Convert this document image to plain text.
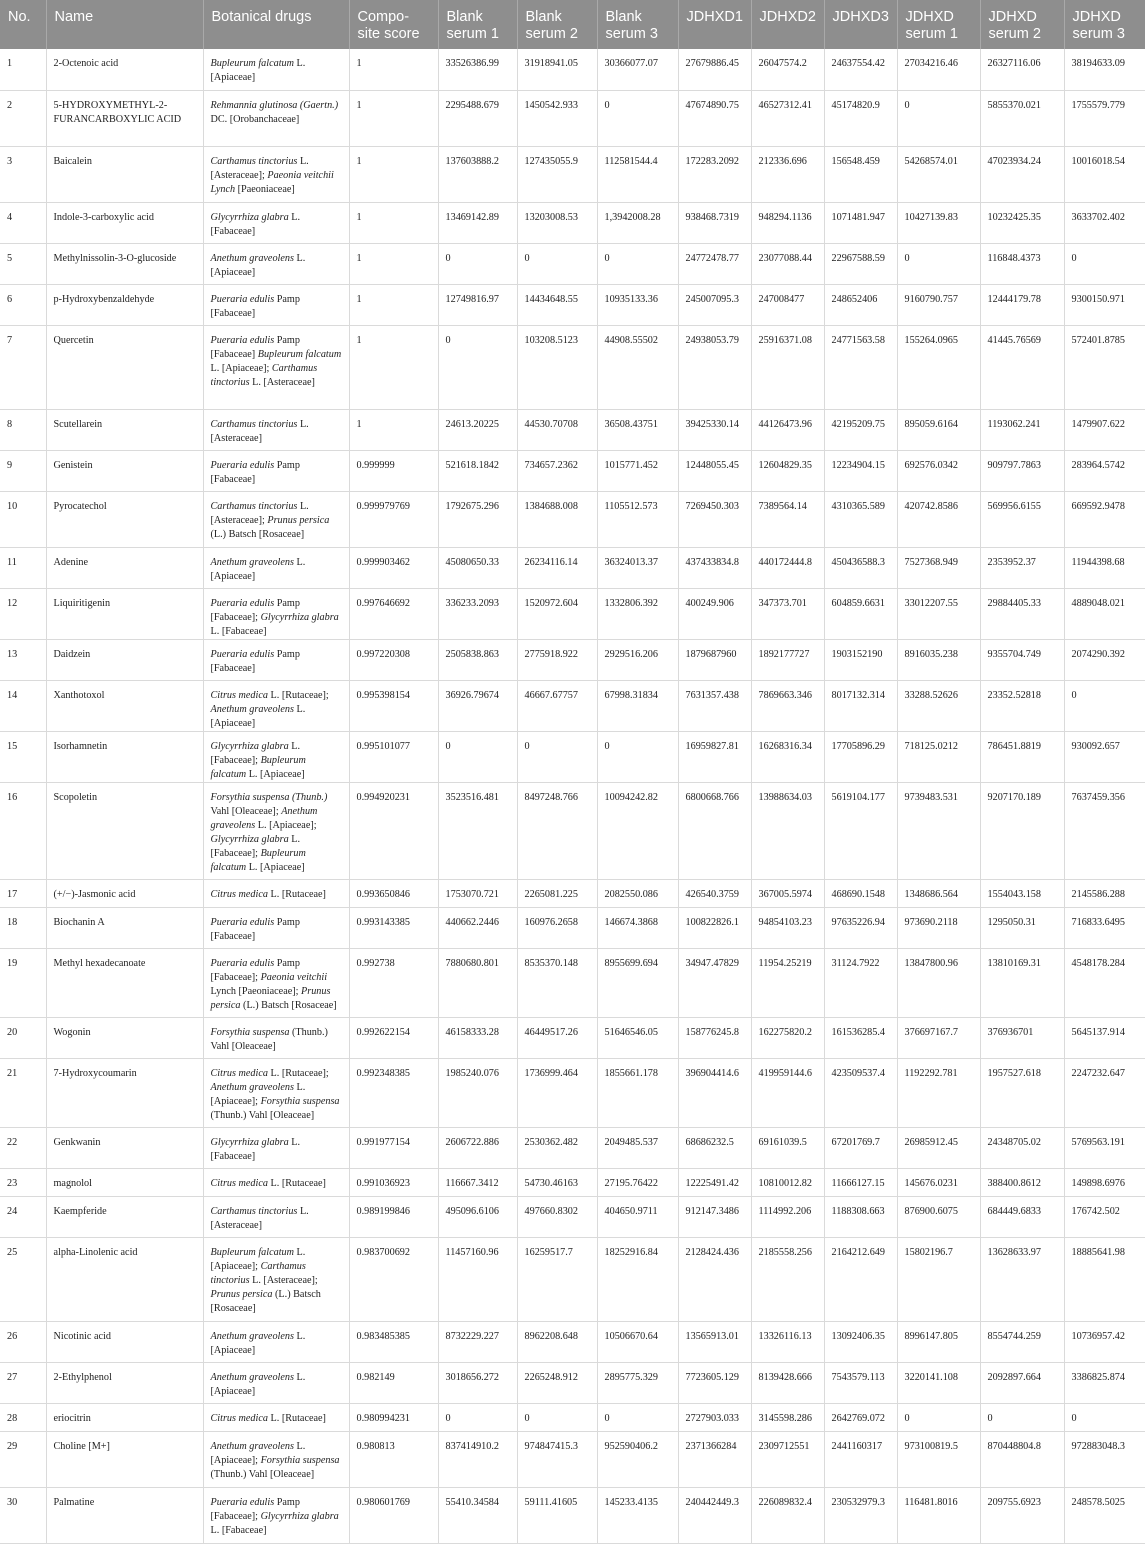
No.	Name	Botanical drugs	Compo-site score	Blank serum 1	Blank serum 2	Blank serum 3	JDHXD1	JDHXD2	JDHXD3	JDHXD serum 1	JDHXD serum 2	JDHXD serum 3
1	2-Octenoic acid	Bupleurum falcatum L. [Apiaceae]	1	33526386.99	31918941.05	30366077.07	27679886.45	26047574.2	24637554.42	27034216.46	26327116.06	38194633.09
2	5-HYDROXYMETHYL-2-FURANCARBOXYLIC ACID	Rehmannia glutinosa (Gaertn.) DC. [Orobanchaceae]	1	2295488.679	1450542.933	0	47674890.75	46527312.41	45174820.9	0	5855370.021	1755579.779
3	Baicalein	Carthamus tinctorius L. [Asteraceae]; Paeonia veitchii Lynch [Paeoniaceae]	1	137603888.2	127435055.9	112581544.4	172283.2092	212336.696	156548.459	54268574.01	47023934.24	10016018.54
4	Indole-3-carboxylic acid	Glycyrrhiza glabra L. [Fabaceae]	1	13469142.89	13203008.53	1,3942008.28	938468.7319	948294.1136	1071481.947	10427139.83	10232425.35	3633702.402
5	Methylnissolin-3-O-glucoside	Anethum graveolens L. [Apiaceae]	1	0	0	0	24772478.77	23077088.44	22967588.59	0	116848.4373	0
6	p-Hydroxybenzaldehyde	Pueraria edulis Pamp [Fabaceae]	1	12749816.97	14434648.55	10935133.36	245007095.3	247008477	248652406	9160790.757	12444179.78	9300150.971
7	Quercetin	Pueraria edulis Pamp [Fabaceae] Bupleurum falcatum L. [Apiaceae]; Carthamus tinctorius L. [Asteraceae]	1	0	103208.5123	44908.55502	24938053.79	25916371.08	24771563.58	155264.0965	41445.76569	572401.8785
8	Scutellarein	Carthamus tinctorius L. [Asteraceae]	1	24613.20225	44530.70708	36508.43751	39425330.14	44126473.96	42195209.75	895059.6164	1193062.241	1479907.622
9	Genistein	Pueraria edulis Pamp [Fabaceae]	0.999999	521618.1842	734657.2362	1015771.452	12448055.45	12604829.35	12234904.15	692576.0342	909797.7863	283964.5742
10	Pyrocatechol	Carthamus tinctorius L. [Asteraceae]; Prunus persica (L.) Batsch [Rosaceae]	0.999979769	1792675.296	1384688.008	1105512.573	7269450.303	7389564.14	4310365.589	420742.8586	569956.6155	669592.9478
11	Adenine	Anethum graveolens L. [Apiaceae]	0.999903462	45080650.33	26234116.14	36324013.37	437433834.8	440172444.8	450436588.3	7527368.949	2353952.37	11944398.68
12	Liquiritigenin	Pueraria edulis Pamp [Fabaceae]; Glycyrrhiza glabra L. [Fabaceae]	0.997646692	336233.2093	1520972.604	1332806.392	400249.906	347373.701	604859.6631	33012207.55	29884405.33	4889048.021
13	Daidzein	Pueraria edulis Pamp [Fabaceae]	0.997220308	2505838.863	2775918.922	2929516.206	1879687960	1892177727	1903152190	8916035.238	9355704.749	2074290.392
14	Xanthotoxol	Citrus medica L. [Rutaceae]; Anethum graveolens L. [Apiaceae]	0.995398154	36926.79674	46667.67757	67998.31834	7631357.438	7869663.346	8017132.314	33288.52626	23352.52818	0
15	Isorhamnetin	Glycyrrhiza glabra L. [Fabaceae]; Bupleurum falcatum L. [Apiaceae]	0.995101077	0	0	0	16959827.81	16268316.34	17705896.29	718125.0212	786451.8819	930092.657
16	Scopoletin	Forsythia suspensa (Thunb.) Vahl [Oleaceae]; Anethum graveolens L. [Apiaceae]; Glycyrrhiza glabra L. [Fabaceae]; Bupleurum falcatum L. [Apiaceae]	0.994920231	3523516.481	8497248.766	10094242.82	6800668.766	13988634.03	5619104.177	9739483.531	9207170.189	7637459.356
17	(+/−)-Jasmonic acid	Citrus medica L. [Rutaceae]	0.993650846	1753070.721	2265081.225	2082550.086	426540.3759	367005.5974	468690.1548	1348686.564	1554043.158	2145586.288
18	Biochanin A	Pueraria edulis Pamp [Fabaceae]	0.993143385	440662.2446	160976.2658	146674.3868	100822826.1	94854103.23	97635226.94	973690.2118	1295050.31	716833.6495
19	Methyl hexadecanoate	Pueraria edulis Pamp [Fabaceae]; Paeonia veitchii Lynch [Paeoniaceae]; Prunus persica (L.) Batsch [Rosaceae]	0.992738	7880680.801	8535370.148	8955699.694	34947.47829	11954.25219	31124.7922	13847800.96	13810169.31	4548178.284
20	Wogonin	Forsythia suspensa (Thunb.) Vahl [Oleaceae]	0.992622154	46158333.28	46449517.26	51646546.05	158776245.8	162275820.2	161536285.4	376697167.7	376936701	5645137.914
21	7-Hydroxycoumarin	Citrus medica L. [Rutaceae]; Anethum graveolens L. [Apiaceae]; Forsythia suspensa (Thunb.) Vahl [Oleaceae]	0.992348385	1985240.076	1736999.464	1855661.178	396904414.6	419959144.6	423509537.4	1192292.781	1957527.618	2247232.647
22	Genkwanin	Glycyrrhiza glabra L. [Fabaceae]	0.991977154	2606722.886	2530362.482	2049485.537	68686232.5	69161039.5	67201769.7	26985912.45	24348705.02	5769563.191
23	magnolol	Citrus medica L. [Rutaceae]	0.991036923	116667.3412	54730.46163	27195.76422	12225491.42	10810012.82	11666127.15	145676.0231	388400.8612	149898.6976
24	Kaempferide	Carthamus tinctorius L. [Asteraceae]	0.989199846	495096.6106	497660.8302	404650.9711	912147.3486	1114992.206	1188308.663	876900.6075	684449.6833	176742.502
25	alpha-Linolenic acid	Bupleurum falcatum L. [Apiaceae]; Carthamus tinctorius L. [Asteraceae]; Prunus persica (L.) Batsch [Rosaceae]	0.983700692	11457160.96	16259517.7	18252916.84	2128424.436	2185558.256	2164212.649	15802196.7	13628633.97	18885641.98
26	Nicotinic acid	Anethum graveolens L. [Apiaceae]	0.983485385	8732229.227	8962208.648	10506670.64	13565913.01	13326116.13	13092406.35	8996147.805	8554744.259	10736957.42
27	2-Ethylphenol	Anethum graveolens L. [Apiaceae]	0.982149	3018656.272	2265248.912	2895775.329	7723605.129	8139428.666	7543579.113	3220141.108	2092897.664	3386825.874
28	eriocitrin	Citrus medica L. [Rutaceae]	0.980994231	0	0	0	2727903.033	3145598.286	2642769.072	0	0	0
29	Choline [M+]	Anethum graveolens L. [Apiaceae]; Forsythia suspensa (Thunb.) Vahl [Oleaceae]	0.980813	837414910.2	974847415.3	952590406.2	2371366284	2309712551	2441160317	973100819.5	870448804.8	972883048.3
30	Palmatine	Pueraria edulis Pamp [Fabaceae]; Glycyrrhiza glabra L. [Fabaceae]	0.980601769	55410.34584	59111.41605	145233.4135	240442449.3	226089832.4	230532979.3	116481.8016	209755.6923	248578.5025
